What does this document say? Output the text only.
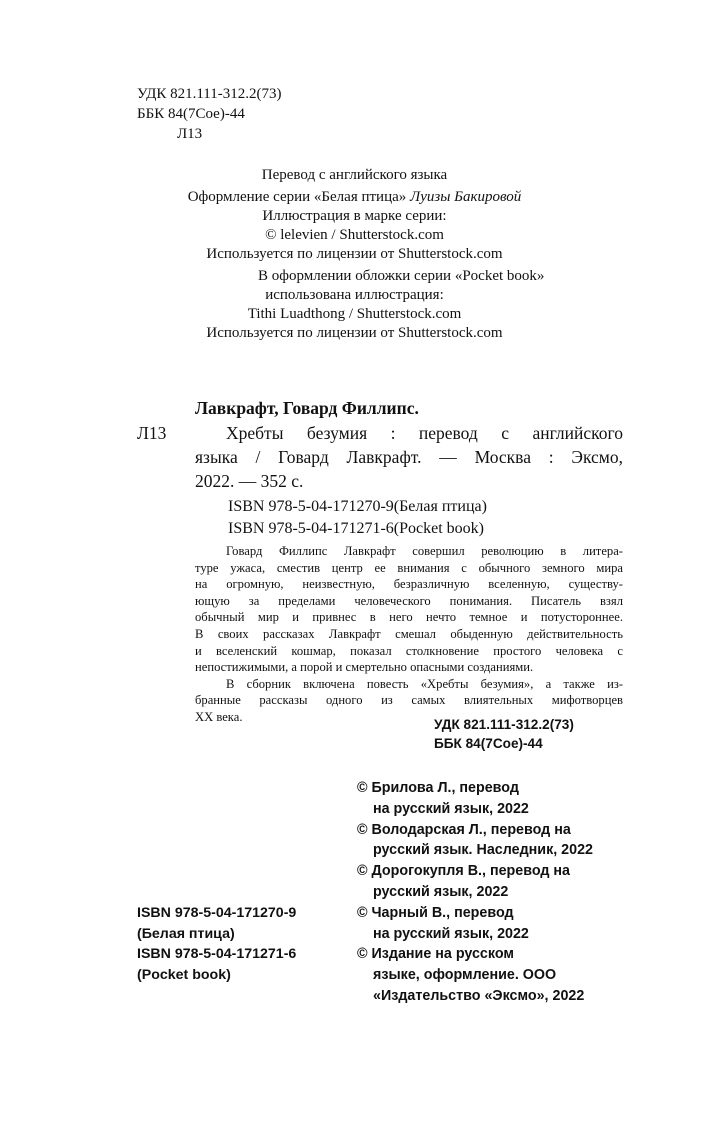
УДК 821.111-312.2(73)
ББК 84(7Сое)-44
Л13
Перевод с английского языка
Оформление серии «Белая птица» Луизы Бакировой
Иллюстрация в марке серии:
© lelevien / Shutterstock.com
Используется по лицензии от Shutterstock.com
В оформлении обложки серии «Pocket book»
использована иллюстрация:
Tithi Luadthong / Shutterstock.com
Используется по лицензии от Shutterstock.com
Лавкрафт, Говард Филлипс.
Л13	Хребты безумия : перевод с английского
языка / Говард Лавкрафт. — Москва : Эксмо,
2022. — 352 с.
ISBN 978-5-04-171270-9(Белая птица)
ISBN 978-5-04-171271-6(Pocket book)
Говард Филлипс Лавкрафт совершил революцию в литера-
туре ужаса, сместив центр ее внимания с обычного земного мира
на огромную, неизвестную, безразличную вселенную, существу-
ющую за пределами человеческого понимания. Писатель взял
обычный мир и привнес в него нечто темное и потустороннее.
В своих рассказах Лавкрафт смешал обыденную действительность
и вселенский кошмар, показал столкновение простого человека с
непостижимыми, а порой и смертельно опасными созданиями.
В сборник включена повесть «Хребты безумия», а также из-
бранные рассказы одного из самых влиятельных мифотворцев
XX века.	УДК 821.111-312.2(73)
ББК 84(7Сое)-44
© Брилова Л., перевод
на русский язык, 2022
© Володарская Л., перевод на
русский язык. Наследник, 2022
© Дорогокупля В., перевод на
русский язык, 2022
© Чарный В., перевод
на русский язык, 2022
© Издание на русском
языке, оформление. ООО
«Издательство «Эксмо», 2022
ISBN 978-5-04-171270-9
(Белая птица)
ISBN 978-5-04-171271-6
(Pocket book)
